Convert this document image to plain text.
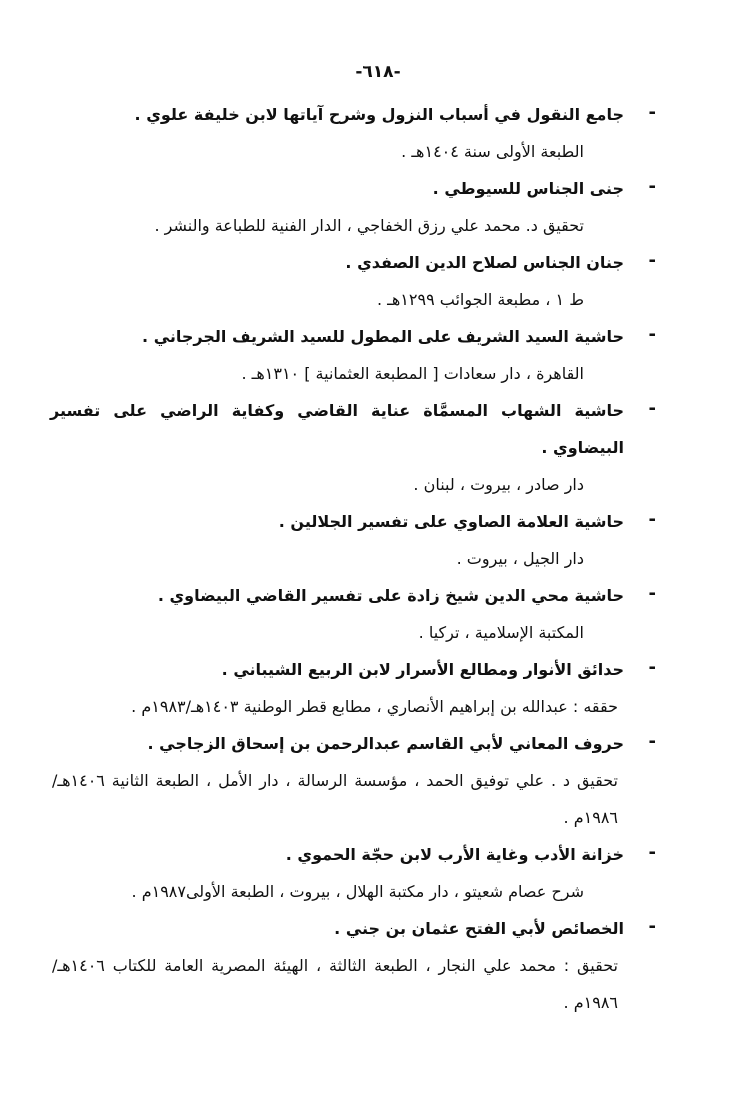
-٦١٨-
-
جامع النقول في أسباب النزول وشرح آياتها لابن خليفة علوي .
الطبعة الأولى سنة ١٤٠٤هـ .
-
جنى الجناس للسيوطي .
تحقيق د. محمد علي رزق الخفاجي ، الدار الفنية للطباعة والنشر .
-
جنان الجناس لصلاح الدين الصفدي .
ط ١ ، مطبعة الجوائب ١٢٩٩هـ .
-
حاشية السيد الشريف على المطول للسيد الشريف الجرجاني .
القاهرة ، دار سعادات [ المطبعة العثمانية ] ١٣١٠هـ .
-
حاشية الشهاب المسمَّاة عناية القاضي وكفاية الراضي على تفسير البيضاوي .
دار صادر ، بيروت ، لبنان .
-
حاشية العلامة الصاوي على تفسير الجلالين .
دار الجيل ، بيروت .
-
حاشية محي الدين شيخ زادة على تفسير القاضي البيضاوي .
المكتبة الإسلامية ، تركيا .
-
حدائق الأنوار ومطالع الأسرار لابن الربيع الشيباني .
حققه : عبدالله بن إبراهيم الأنصاري ، مطابع قطر الوطنية ١٤٠٣هـ/١٩٨٣م .
-
حروف المعاني لأبي القاسم عبدالرحمن بن إسحاق الزجاجي .
تحقيق د . علي توفيق الحمد ، مؤسسة الرسالة ، دار الأمل ، الطبعة الثانية ١٤٠٦هـ/١٩٨٦م .
-
خزانة الأدب وغاية الأرب لابن حجّة الحموي .
شرح عصام شعيتو ، دار مكتبة الهلال ، بيروت ، الطبعة الأولى١٩٨٧م .
-
الخصائص لأبي الفتح عثمان بن جني .
تحقيق : محمد علي النجار ، الطبعة الثالثة ، الهيئة المصرية العامة للكتاب ١٤٠٦هـ/١٩٨٦م .
